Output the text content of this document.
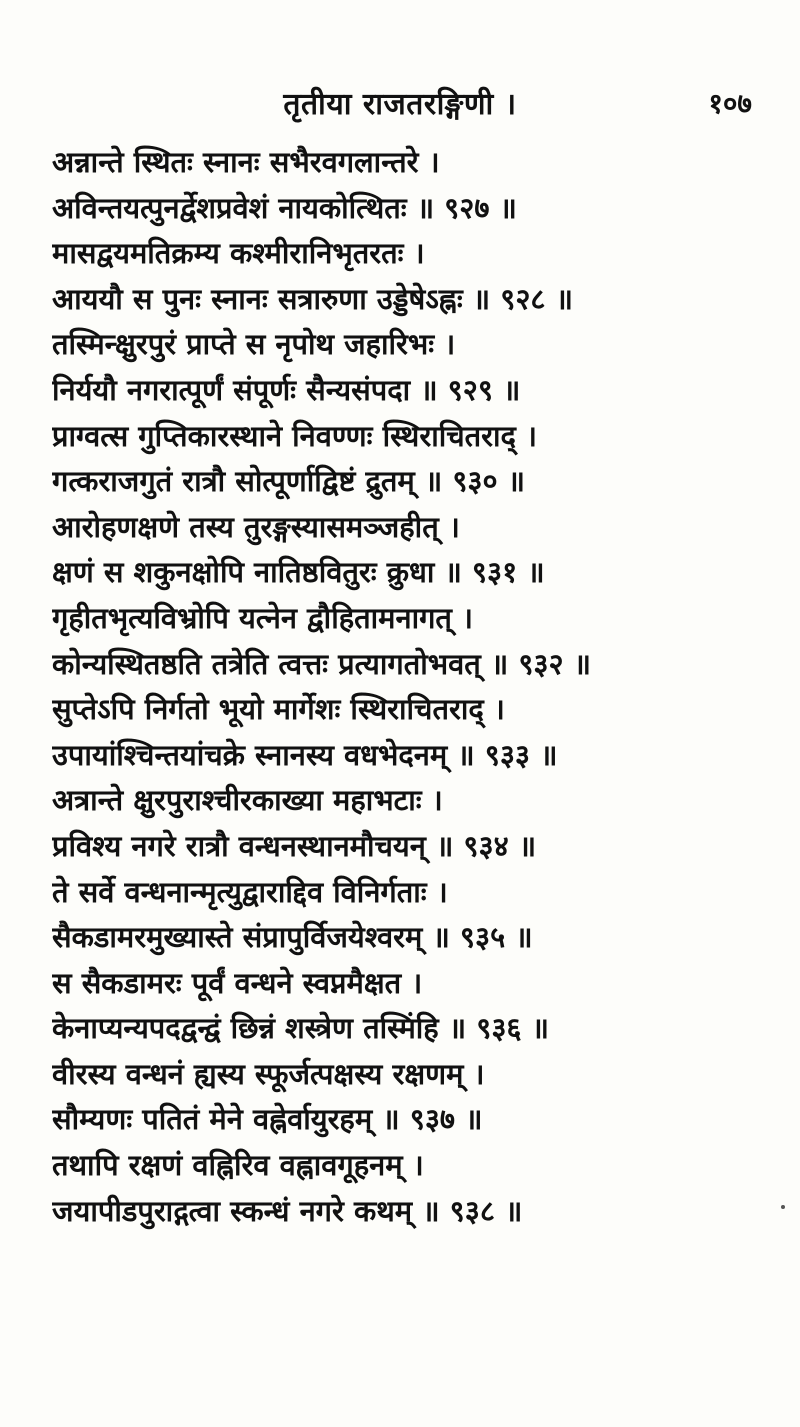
तृतीया राजतरङ्गिणी ।	१०७
अन्नान्ते स्थितः स्नानः सभैरवगलान्तरे ।
अविन्तयत्पुनर्द्वेशप्रवेशं नायकोत्थितः ॥ ९२७ ॥
मासद्वयमतिक्रम्य कश्मीरानिभृतरतः ।
आययौ स पुनः स्नानः सत्रारुणा उड्डेषेऽह्नः ॥ ९२८ ॥
तस्मिन्क्षुरपुरं प्राप्ते स नृपोथ जहारिभः ।
निर्ययौ नगरात्पूर्णं संपूर्णः सैन्यसंपदा ॥ ९२९ ॥
प्राग्वत्स गुप्तिकारस्थाने निवण्णः स्थिराचितराद् ।
गत्कराजगुतं रात्रौ सोत्पूर्णाद्विष्टं द्रुतम् ॥ ९३० ॥
आरोहणक्षणे तस्य तुरङ्गस्यासमञ्जहीत् ।
क्षणं स शकुनक्षोपि नातिष्ठवितुरः क्रुधा ॥ ९३१ ॥
गृहीतभृत्यविभ्रोपि यत्नेन द्वौहितामनागत् ।
कोन्यस्थितष्ठति तत्रेति त्वत्तः प्रत्यागतोभवत् ॥ ९३२ ॥
सुप्तेऽपि निर्गतो भूयो मार्गेशः स्थिराचितराद् ।
उपायांश्चिन्तयांचक्रे स्नानस्य वधभेदनम् ॥ ९३३ ॥
अत्रान्ते क्षुरपुराश्चीरकाख्या महाभटाः ।
प्रविश्य नगरे रात्रौ वन्धनस्थानमौचयन् ॥ ९३४ ॥
ते सर्वे वन्धनान्मृत्युद्वाराद्दिव विनिर्गताः ।
सैकडामरमुख्यास्ते संप्रापुर्विजयेश्वरम् ॥ ९३५ ॥
स सैकडामरः पूर्वं वन्धने स्वप्नमैक्षत ।
केनाप्यन्यपदद्वन्द्वं छिन्नं शस्त्रेण तस्मिंहि ॥ ९३६ ॥
वीरस्य वन्धनं ह्यस्य स्फूर्जत्पक्षस्य रक्षणम् ।
सौम्यणः पतितं मेने वह्नेर्वायुरहम् ॥ ९३७ ॥
तथापि रक्षणं वह्निरिव वह्नावगूहनम् ।
जयापीडपुराद्गत्वा स्कन्धं नगरे कथम् ॥ ९३८ ॥
